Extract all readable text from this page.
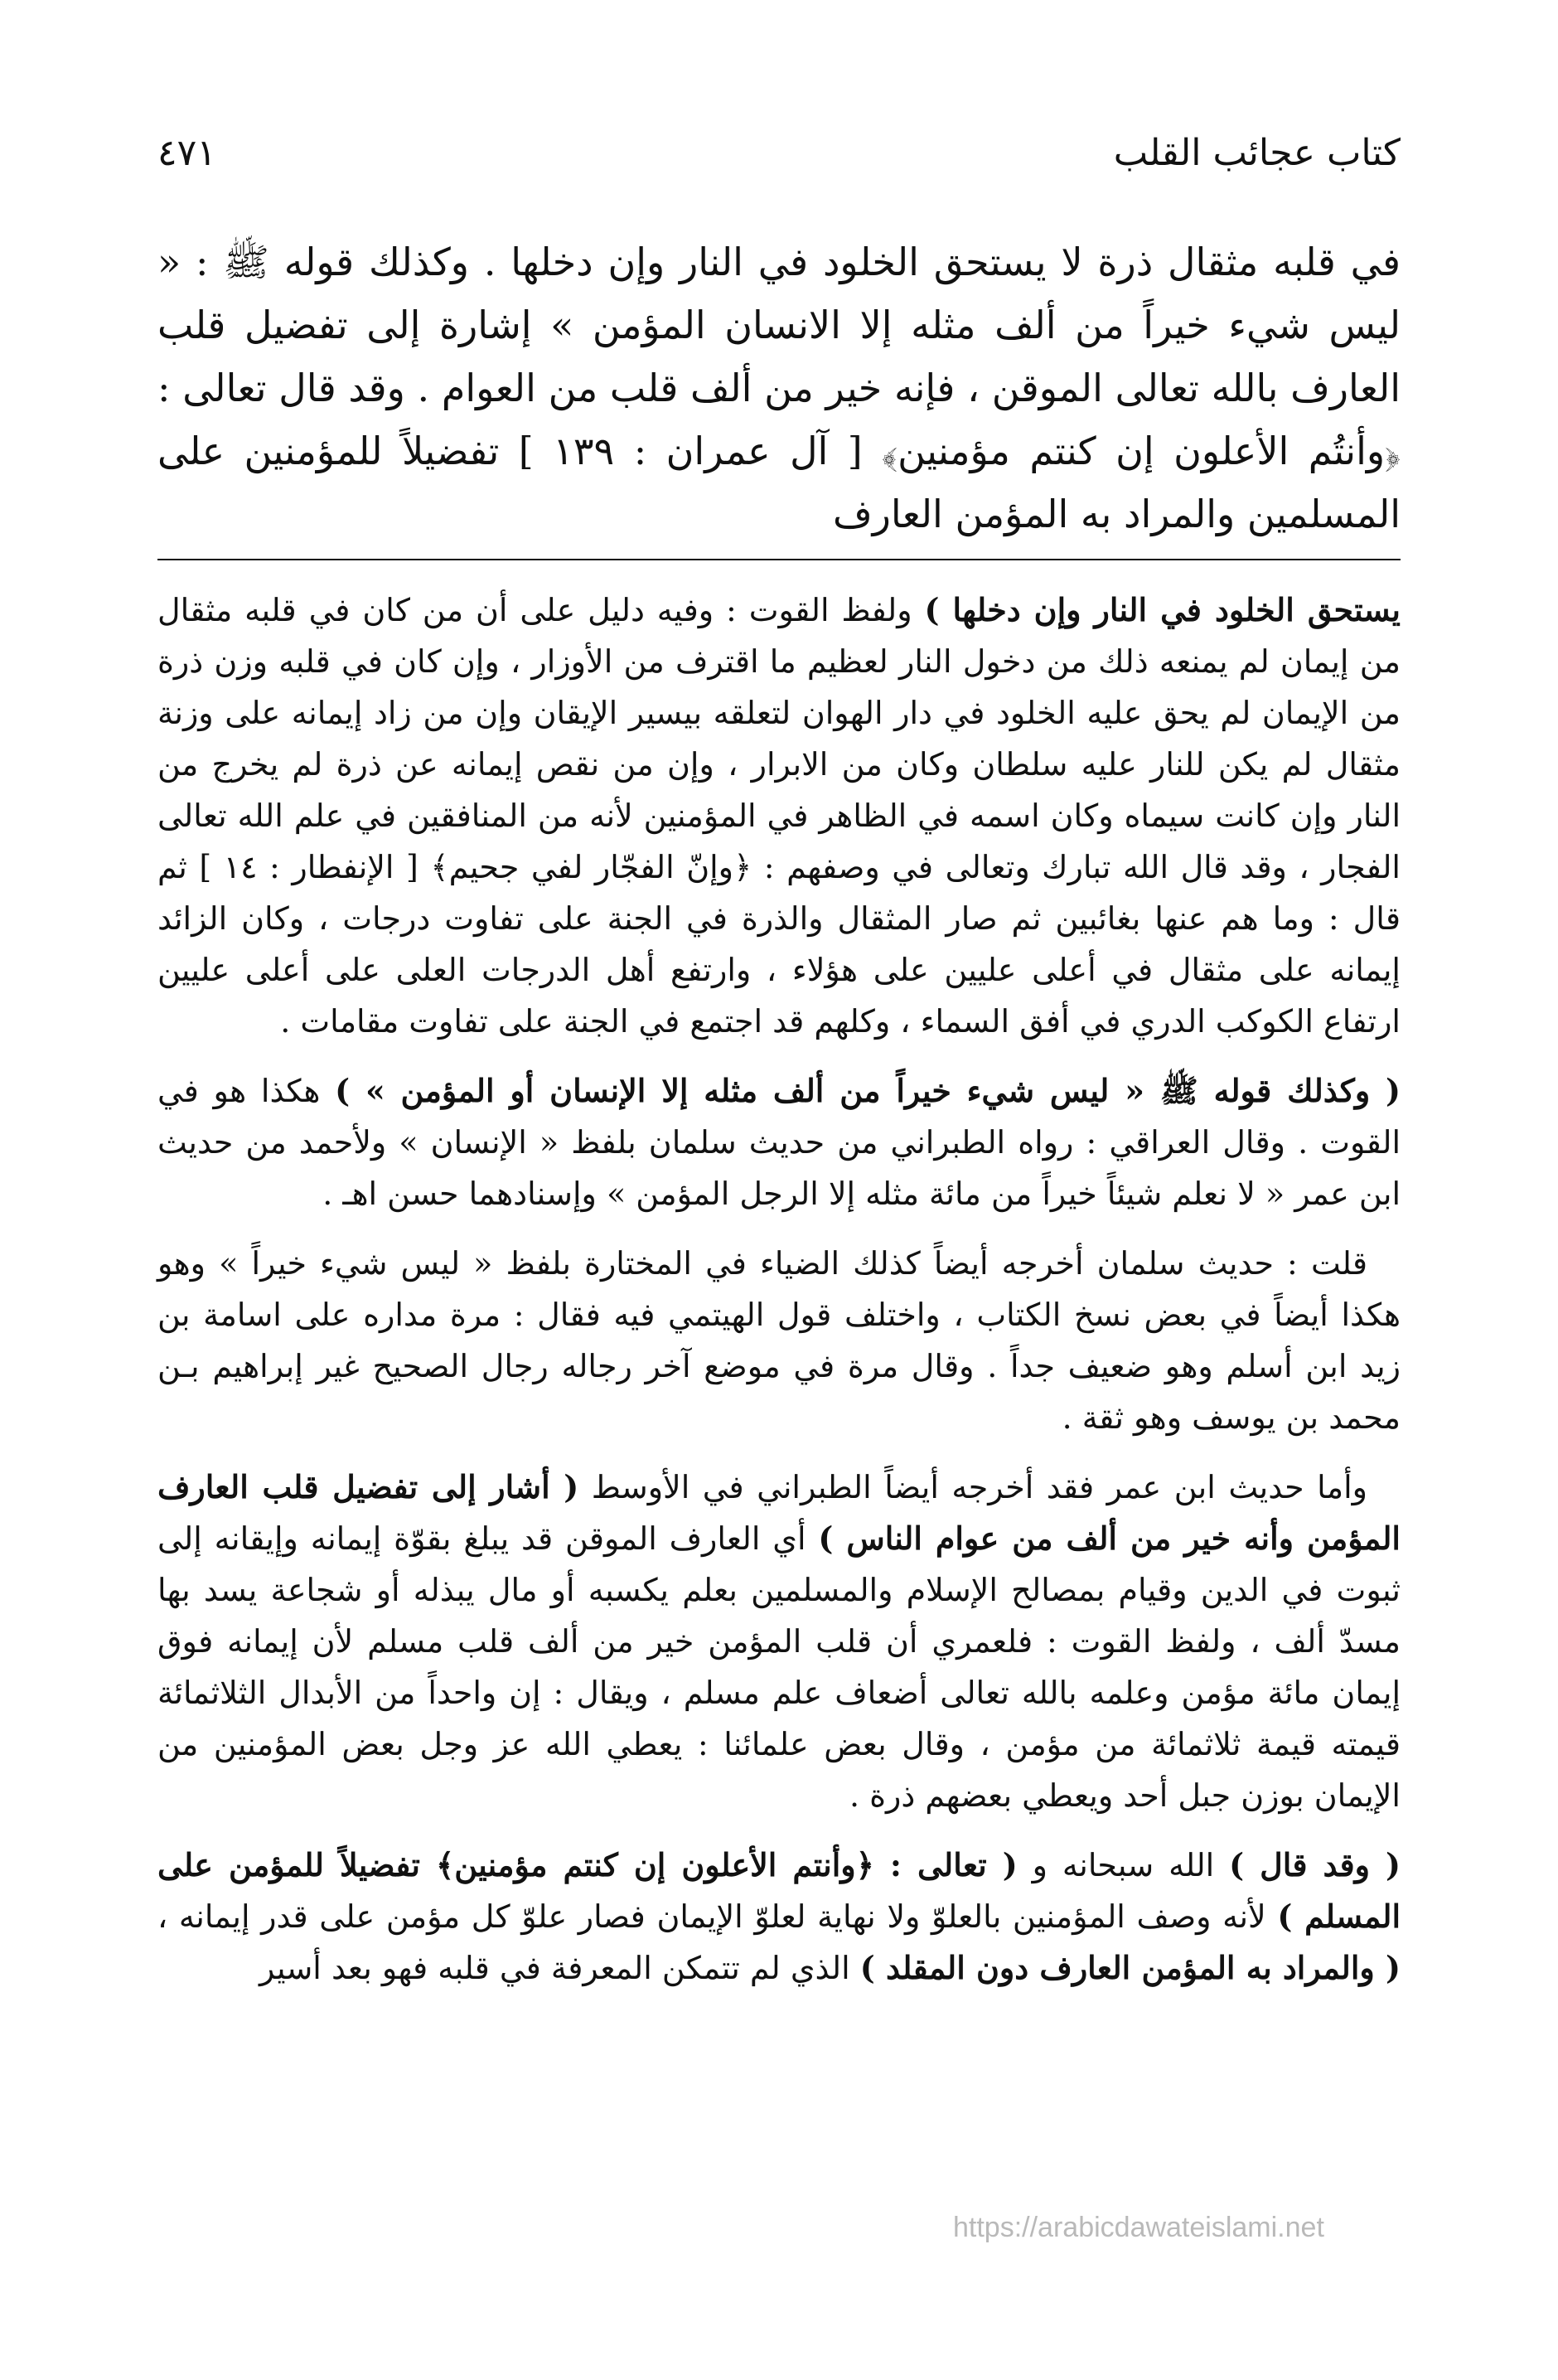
كتاب عجائب القلب
٤٧١

في قلبه مثقال ذرة لا يستحق الخلود في النار وإن دخلها . وكذلك قوله ﷺ : « ليس شيء خيراً من ألف مثله إلا الانسان المؤمن » إشارة إلى تفضيل قلب العارف بالله تعالى الموقن ، فإنه خير من ألف قلب من العوام . وقد قال تعالى : ﴿وأنتُم الأعلون إن كنتم مؤمنين﴾ [ آل عمران : ١٣٩ ] تفضيلاً للمؤمنين على المسلمين والمراد به المؤمن العارف

يستحق الخلود في النار وإن دخلها ) ولفظ القوت : وفيه دليل على أن من كان في قلبه مثقال من إيمان لم يمنعه ذلك من دخول النار لعظيم ما اقترف من الأوزار ، وإن كان في قلبه وزن ذرة من الإيمان لم يحق عليه الخلود في دار الهوان لتعلقه بيسير الإيقان وإن من زاد إيمانه على وزنة مثقال لم يكن للنار عليه سلطان وكان من الابرار ، وإن من نقص إيمانه عن ذرة لم يخرج من النار وإن كانت سيماه وكان اسمه في الظاهر في المؤمنين لأنه من المنافقين في علم الله تعالى الفجار ، وقد قال الله تبارك وتعالى في وصفهم : ﴿وإنّ الفجّار لفي جحيم﴾ [ الإنفطار : ١٤ ] ثم قال : وما هم عنها بغائبين ثم صار المثقال والذرة في الجنة على تفاوت درجات ، وكان الزائد إيمانه على مثقال في أعلى عليين على هؤلاء ، وارتفع أهل الدرجات العلى على أعلى عليين ارتفاع الكوكب الدري في أفق السماء ، وكلهم قد اجتمع في الجنة على تفاوت مقامات .

( وكذلك قوله ﷺ « ليس شيء خيراً من ألف مثله إلا الإنسان أو المؤمن » ) هكذا هو في القوت . وقال العراقي : رواه الطبراني من حديث سلمان بلفظ « الإنسان » ولأحمد من حديث ابن عمر « لا نعلم شيئاً خيراً من مائة مثله إلا الرجل المؤمن » وإسنادهما حسن اهـ .

قلت : حديث سلمان أخرجه أيضاً كذلك الضياء في المختارة بلفظ « ليس شيء خيراً » وهو هكذا أيضاً في بعض نسخ الكتاب ، واختلف قول الهيتمي فيه فقال : مرة مداره على اسامة بن زيد ابن أسلم وهو ضعيف جداً . وقال مرة في موضع آخر رجاله رجال الصحيح غير إبراهيم بـن محمد بن يوسف وهو ثقة .

وأما حديث ابن عمر فقد أخرجه أيضاً الطبراني في الأوسط ( أشار إلى تفضيل قلب العارف المؤمن وأنه خير من ألف من عوام الناس ) أي العارف الموقن قد يبلغ بقوّة إيمانه وإيقانه إلى ثبوت في الدين وقيام بمصالح الإسلام والمسلمين بعلم يكسبه أو مال يبذله أو شجاعة يسد بها مسدّ ألف ، ولفظ القوت : فلعمري أن قلب المؤمن خير من ألف قلب مسلم لأن إيمانه فوق إيمان مائة مؤمن وعلمه بالله تعالى أضعاف علم مسلم ، ويقال : إن واحداً من الأبدال الثلاثمائة قيمته قيمة ثلاثمائة من مؤمن ، وقال بعض علمائنا : يعطي الله عز وجل بعض المؤمنين من الإيمان بوزن جبل أحد ويعطي بعضهم ذرة .

( وقد قال ) الله سبحانه و ( تعالى : ﴿وأنتم الأعلون إن كنتم مؤمنين﴾ تفضيلاً للمؤمن على المسلم ) لأنه وصف المؤمنين بالعلوّ ولا نهاية لعلوّ الإيمان فصار علوّ كل مؤمن على قدر إيمانه ، ( والمراد به المؤمن العارف دون المقلد ) الذي لم تتمكن المعرفة في قلبه فهو بعد أسير

https://arabicdawateislami.net
